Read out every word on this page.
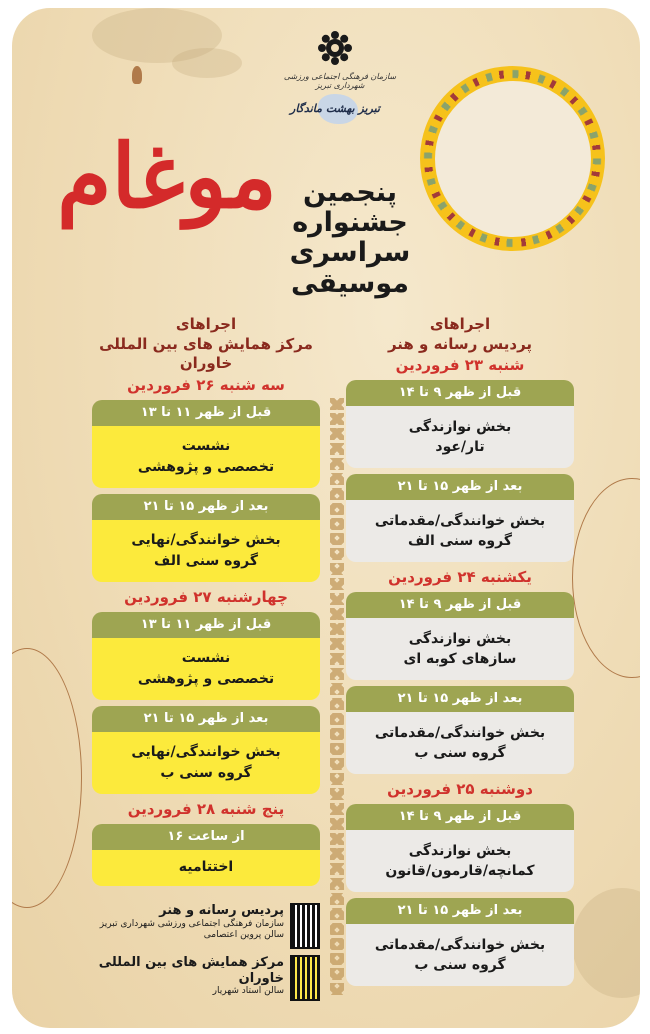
سازمان فرهنگی اجتماعی ورزشی شهرداری تبریز
تبریز بهشت ماندگار
موغام پنجمین
جشنواره
سراسری
موسیقی
اجراهای
پردیس رسانه و هنر
شنبه ۲۳ فروردین
قبل از ظهر ۹ تا ۱۴
بخش نوازندگی
تار/عود
بعد از ظهر ۱۵ تا ۲۱
بخش خوانندگی/مقدماتی
گروه سنی الف
یکشنبه ۲۴ فروردین
قبل از ظهر ۹ تا ۱۴
بخش نوازندگی
سازهای کوبه ای
بعد از ظهر ۱۵ تا ۲۱
بخش خوانندگی/مقدماتی
گروه سنی ب
دوشنبه ۲۵ فروردین
قبل از ظهر ۹ تا ۱۴
بخش نوازندگی
کمانچه/قارمون/قانون
بعد از ظهر ۱۵ تا ۲۱
بخش خوانندگی/مقدماتی
گروه سنی ب
اجراهای
مرکز همایش های بین المللی خاوران
سه شنبه ۲۶ فروردین
قبل از ظهر ۱۱ تا ۱۳
نشست
تخصصی و پژوهشی
بعد از ظهر ۱۵ تا ۲۱
بخش خوانندگی/نهایی
گروه سنی الف
چهارشنبه ۲۷ فروردین
قبل از ظهر ۱۱ تا ۱۳
نشست
تخصصی و پژوهشی
بعد از ظهر ۱۵ تا ۲۱
بخش خوانندگی/نهایی
گروه سنی ب
پنج شنبه ۲۸ فروردین
از ساعت ۱۶
اختتامیه
پردیس رسانه و هنر
سازمان فرهنگی اجتماعی ورزشی شهرداری تبریز
سالن پروین اعتصامی
مرکز همایش های بین المللی خاوران
سالن استاد شهریار
